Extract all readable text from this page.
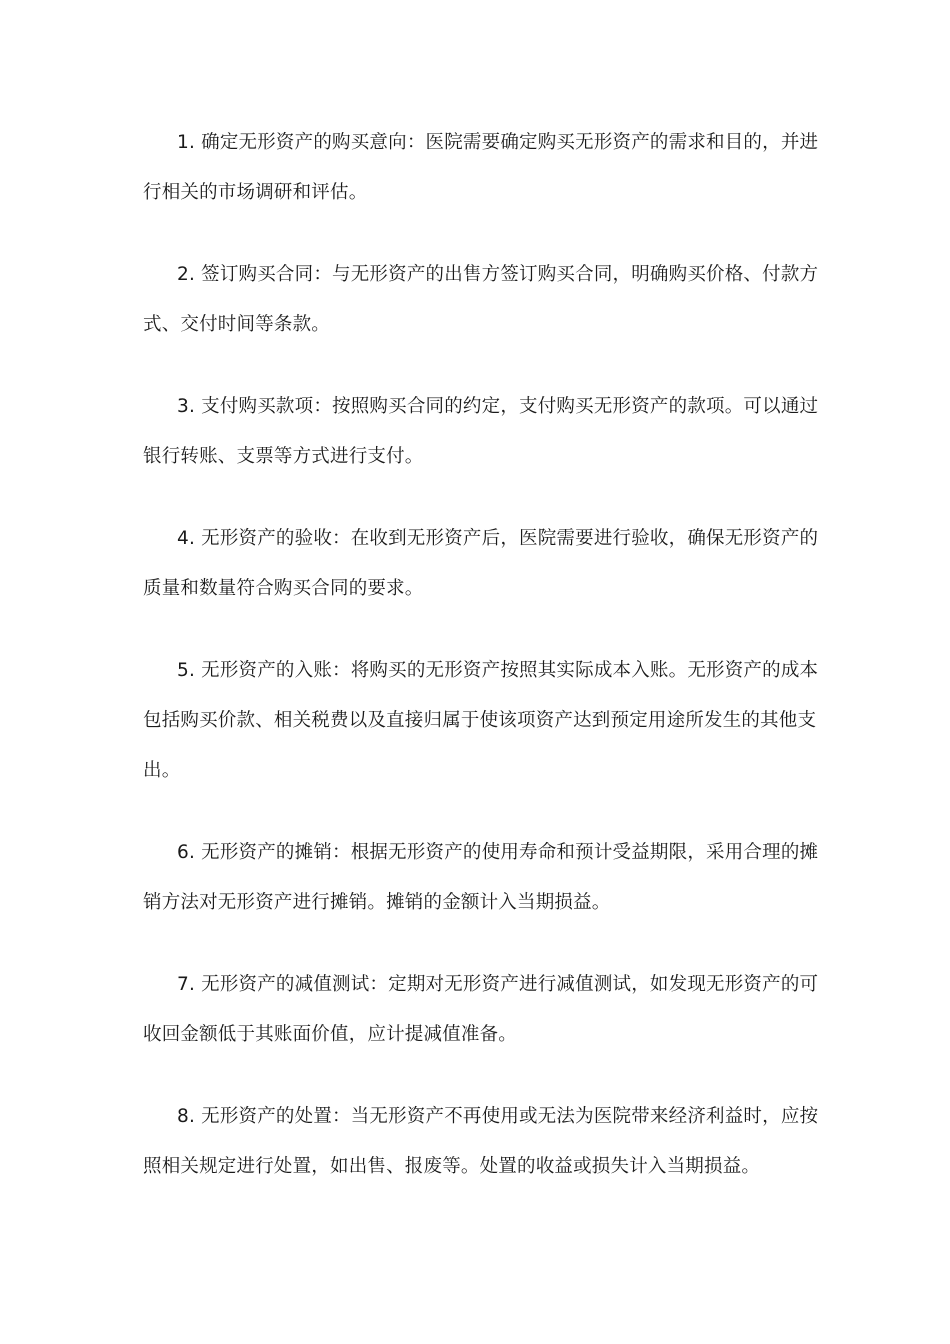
1. 确定无形资产的购买意向：医院需要确定购买无形资产的需求和目的，并进行相关的市场调研和评估。

2. 签订购买合同：与无形资产的出售方签订购买合同，明确购买价格、付款方式、交付时间等条款。

3. 支付购买款项：按照购买合同的约定，支付购买无形资产的款项。可以通过银行转账、支票等方式进行支付。

4. 无形资产的验收：在收到无形资产后，医院需要进行验收，确保无形资产的质量和数量符合购买合同的要求。

5. 无形资产的入账：将购买的无形资产按照其实际成本入账。无形资产的成本包括购买价款、相关税费以及直接归属于使该项资产达到预定用途所发生的其他支出。

6. 无形资产的摊销：根据无形资产的使用寿命和预计受益期限，采用合理的摊销方法对无形资产进行摊销。摊销的金额计入当期损益。

7. 无形资产的减值测试：定期对无形资产进行减值测试，如发现无形资产的可收回金额低于其账面价值，应计提减值准备。

8. 无形资产的处置：当无形资产不再使用或无法为医院带来经济利益时，应按照相关规定进行处置，如出售、报废等。处置的收益或损失计入当期损益。
